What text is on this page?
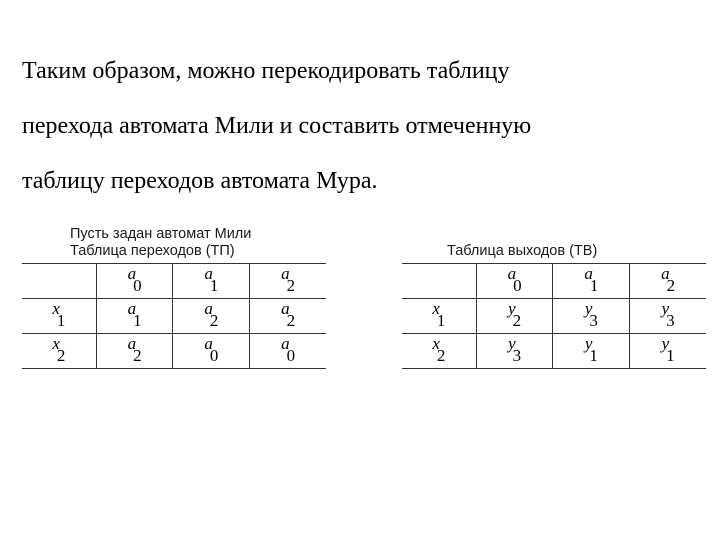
Таким образом, можно перекодировать таблицу
перехода автомата Мили и составить отмеченную
таблицу переходов автомата Мура.
Пусть задан автомат Мили
Таблица переходов (ТП)	Таблица выходов (ТВ)
	a0	a1	a2
x1	a1	a2	a2
x2	a2	a0	a0
	a0	a1	a2
x1	y2	y3	y3
x2	y3	y1	y1
